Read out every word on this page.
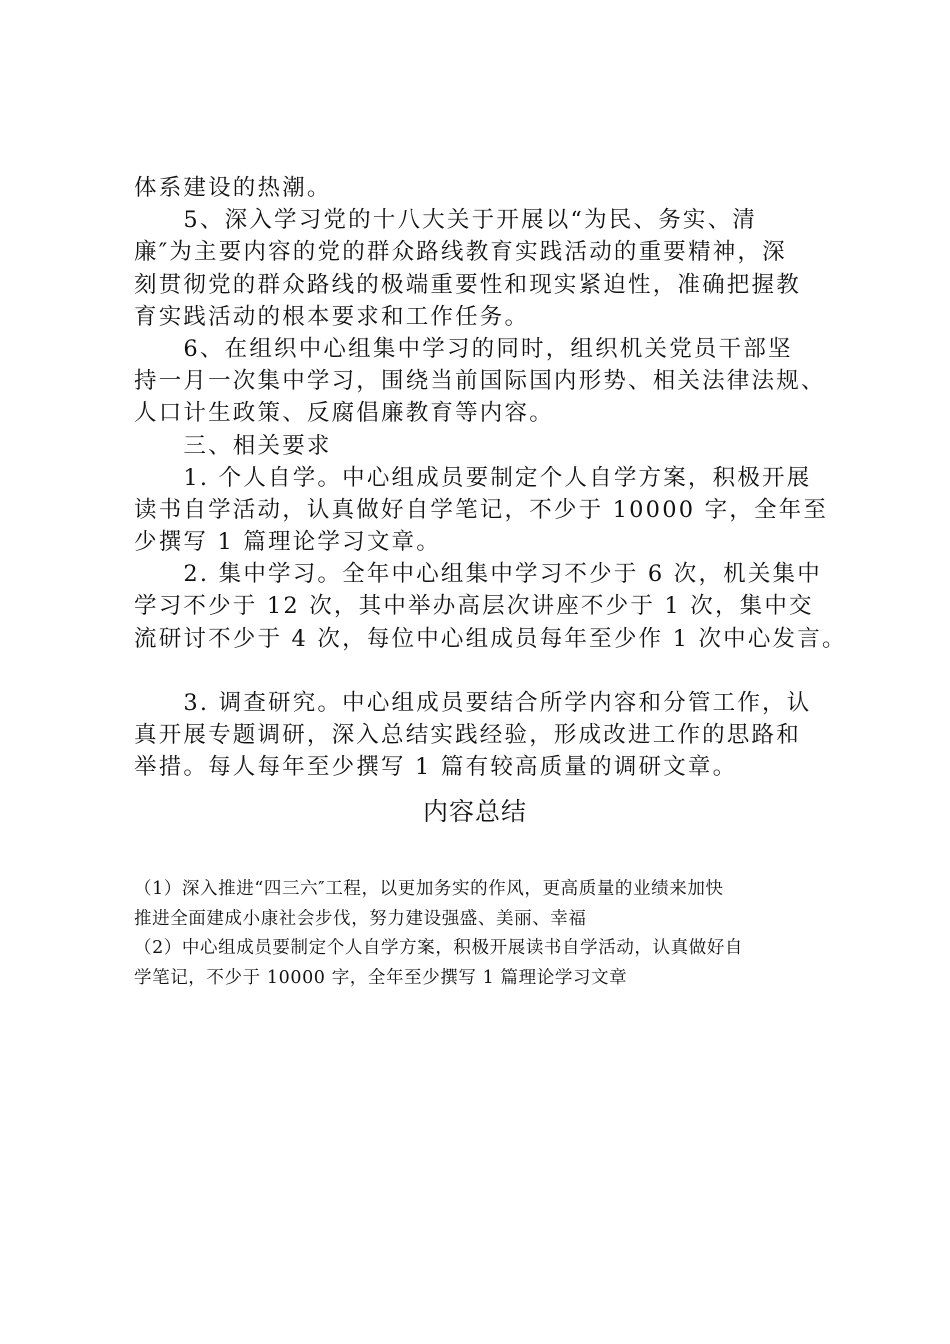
体系建设的热潮。
　　5、深入学习党的十八大关于开展以“为民、务实、清
廉″为主要内容的党的群众路线教育实践活动的重要精神，深
刻贯彻党的群众路线的极端重要性和现实紧迫性，准确把握教
育实践活动的根本要求和工作任务。
　　6、在组织中心组集中学习的同时，组织机关党员干部坚
持一月一次集中学习，围绕当前国际国内形势、相关法律法规、
人口计生政策、反腐倡廉教育等内容。
　　三、相关要求
　　1. 个人自学。中心组成员要制定个人自学方案，积极开展
读书自学活动，认真做好自学笔记，不少于 10000 字，全年至
少撰写 1 篇理论学习文章。
　　2. 集中学习。全年中心组集中学习不少于 6 次，机关集中
学习不少于 12 次，其中举办高层次讲座不少于 1 次，集中交
流研讨不少于 4 次，每位中心组成员每年至少作 1 次中心发言。
　　3. 调查研究。中心组成员要结合所学内容和分管工作，认
真开展专题调研，深入总结实践经验，形成改进工作的思路和
举措。每人每年至少撰写 1 篇有较高质量的调研文章。
内容总结
（1）深入推进“四三六″工程，以更加务实的作风，更高质量的业绩来加快
推进全面建成小康社会步伐，努力建设强盛、美丽、幸福
（2）中心组成员要制定个人自学方案，积极开展读书自学活动，认真做好自
学笔记，不少于 10000 字，全年至少撰写 1 篇理论学习文章
